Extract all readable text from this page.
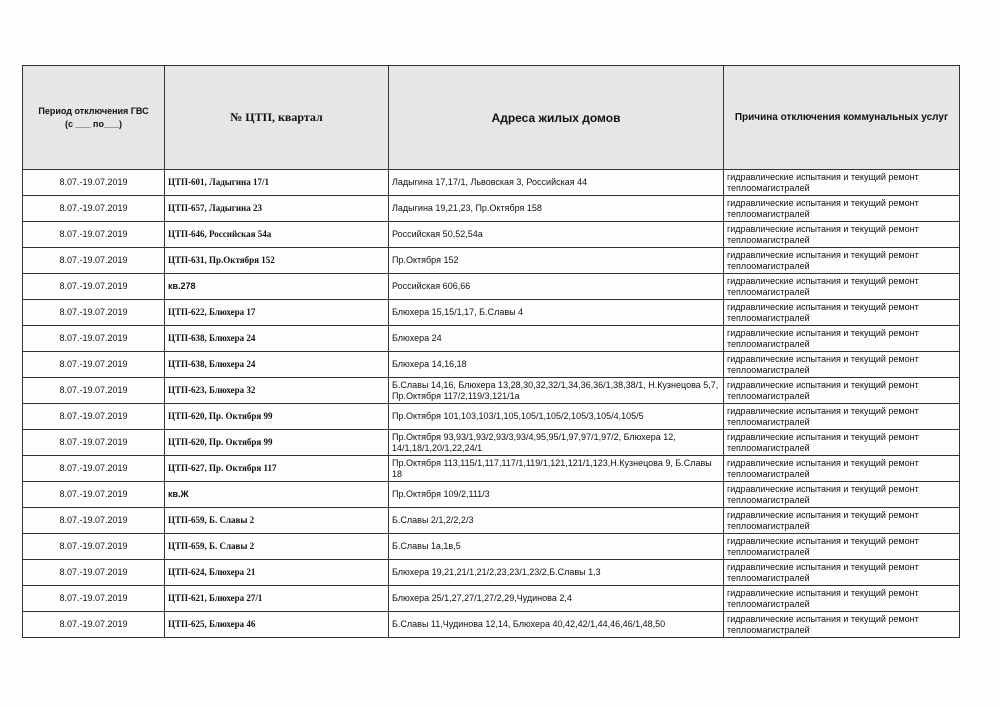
Период отключения ГВС
(с ___ по___)	№ ЦТП, квартал	Адреса жилых домов	Причина отключения коммунальных услуг
8.07.-19.07.2019	ЦТП-601, Ладыгина 17/1	Ладыгина 17,17/1, Львовская 3, Российская 44	гидравлические испытания и текущий ремонт теплоомагистралей
8.07.-19.07.2019	ЦТП-657, Ладыгина 23	Ладыгина 19,21,23, Пр.Октября 158	гидравлические испытания и текущий ремонт теплоомагистралей
8.07.-19.07.2019	ЦТП-646, Российская 54а	Российская 50,52,54а	гидравлические испытания и текущий ремонт теплоомагистралей
8.07.-19.07.2019	ЦТП-631, Пр.Октября 152	Пр.Октября 152	гидравлические испытания и текущий ремонт теплоомагистралей
8.07.-19.07.2019	кв.278	Российская 606,66	гидравлические испытания и текущий ремонт теплоомагистралей
8.07.-19.07.2019	ЦТП-622, Блюхера 17	Блюхера 15,15/1,17, Б.Славы 4	гидравлические испытания и текущий ремонт теплоомагистралей
8.07.-19.07.2019	ЦТП-638, Блюхера 24	Блюхера 24	гидравлические испытания и текущий ремонт теплоомагистралей
8.07.-19.07.2019	ЦТП-638, Блюхера 24	Блюхера 14,16,18	гидравлические испытания и текущий ремонт теплоомагистралей
8.07.-19.07.2019	ЦТП-623, Блюхера 32	Б.Славы 14,16, Блюхера 13,28,30,32,32/1,34,36,36/1,38,38/1, Н.Кузнецова 5,7, Пр.Октября 117/2,119/3,121/1а	гидравлические испытания и текущий ремонт теплоомагистралей
8.07.-19.07.2019	ЦТП-620, Пр. Октября 99	Пр.Октября 101,103,103/1,105,105/1,105/2,105/3,105/4,105/5	гидравлические испытания и текущий ремонт теплоомагистралей
8.07.-19.07.2019	ЦТП-620, Пр. Октября 99	Пр.Октября 93,93/1,93/2,93/3,93/4,95,95/1,97,97/1,97/2, Блюхера 12, 14/1,18/1,20/1,22,24/1	гидравлические испытания и текущий ремонт теплоомагистралей
8.07.-19.07.2019	ЦТП-627, Пр. Октября 117	Пр.Октября 113,115/1,117,117/1,119/1,121,121/1,123,Н.Кузнецова 9, Б.Славы 18	гидравлические испытания и текущий ремонт теплоомагистралей
8.07.-19.07.2019	кв.Ж	Пр.Октября 109/2,111/3	гидравлические испытания и текущий ремонт теплоомагистралей
8.07.-19.07.2019	ЦТП-659, Б. Славы 2	Б.Славы 2/1,2/2,2/3	гидравлические испытания и текущий ремонт теплоомагистралей
8.07.-19.07.2019	ЦТП-659, Б. Славы 2	Б.Славы 1а,1в,5	гидравлические испытания и текущий ремонт теплоомагистралей
8.07.-19.07.2019	ЦТП-624, Блюхера 21	Блюхера 19,21,21/1,21/2,23,23/1,23/2,Б.Славы 1,3	гидравлические испытания и текущий ремонт теплоомагистралей
8.07.-19.07.2019	ЦТП-621, Блюхера 27/1	Блюхера 25/1,27,27/1,27/2,29,Чудинова 2,4	гидравлические испытания и текущий ремонт теплоомагистралей
8.07.-19.07.2019	ЦТП-625, Блюхера 46	Б.Славы 11,Чудинова 12,14, Блюхера 40,42,42/1,44,46,46/1,48,50	гидравлические испытания и текущий ремонт теплоомагистралей
